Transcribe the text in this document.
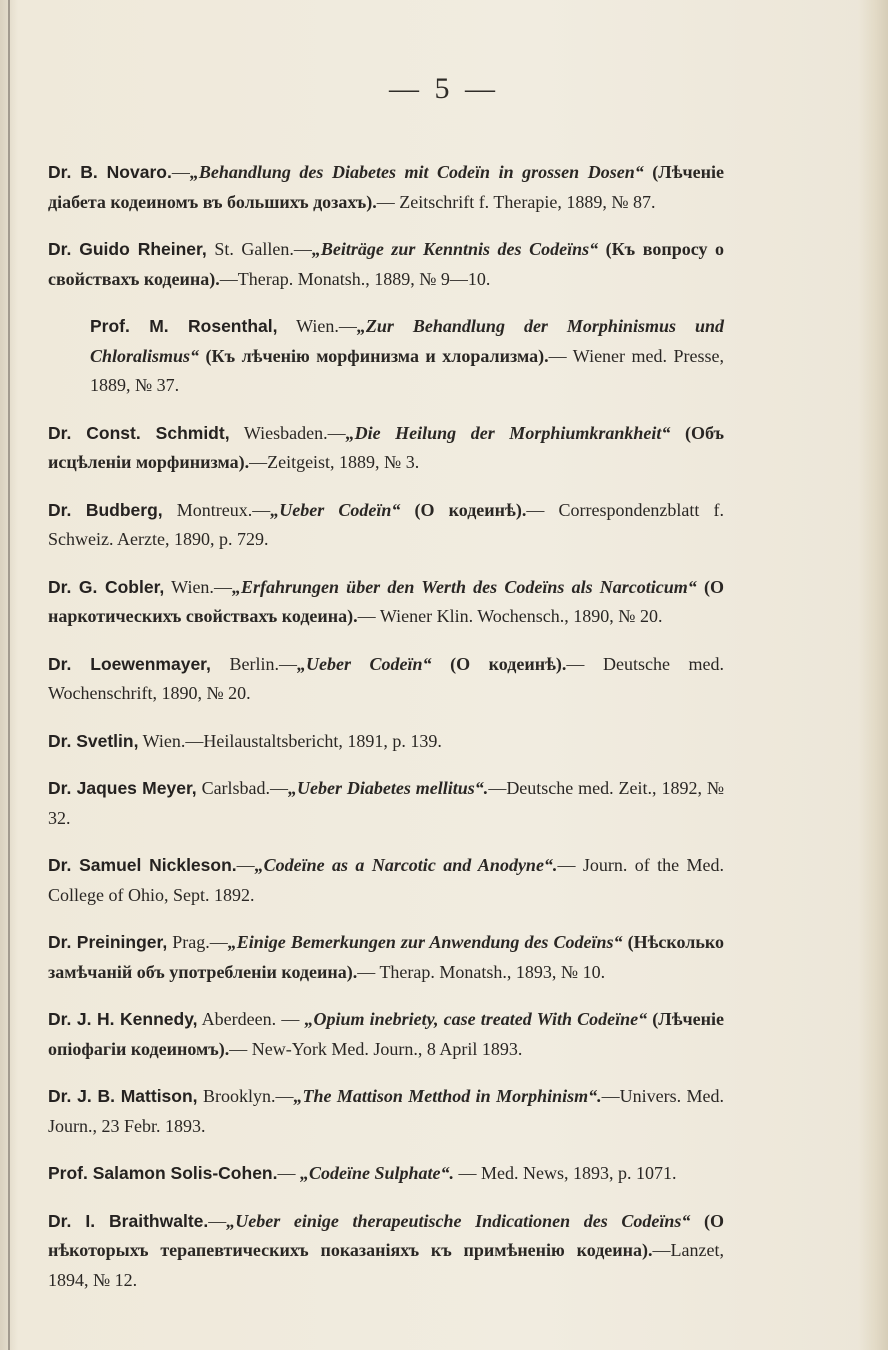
— 5 —

Dr. B. Novaro.—„Behandlung des Diabetes mit Codeïn in grossen Dosen“ (Лѣченіе діабета кодеиномъ въ большихъ дозахъ).— Zeitschrift f. Therapie, 1889, № 87.

Dr. Guido Rheiner, St. Gallen.—„Beiträge zur Kenntnis des Codeïns“ (Къ вопросу о свойствахъ кодеина).—Therap. Monatsh., 1889, № 9—10.

Prof. M. Rosenthal, Wien.—„Zur Behandlung der Morphinismus und Chloralismus“ (Къ лѣченію морфинизма и хлорализма).— Wiener med. Presse, 1889, № 37.

Dr. Const. Schmidt, Wiesbaden.—„Die Heilung der Morphiumkrankheit“ (Объ исцѣленіи морфинизма).—Zeitgeist, 1889, № 3.

Dr. Budberg, Montreux.—„Ueber Codeïn“ (О кодеинѣ).— Correspondenzblatt f. Schweiz. Aerzte, 1890, p. 729.

Dr. G. Cobler, Wien.—„Erfahrungen über den Werth des Codeïns als Narcoticum“ (О наркотическихъ свойствахъ кодеина).— Wiener Klin. Wochensch., 1890, № 20.

Dr. Loewenmayer, Berlin.—„Ueber Codeïn“ (О кодеинѣ).— Deutsche med. Wochenschrift, 1890, № 20.

Dr. Svetlin, Wien.—Heilaustaltsbericht, 1891, p. 139.

Dr. Jaques Meyer, Carlsbad.—„Ueber Diabetes mellitus“.—Deutsche med. Zeit., 1892, № 32.

Dr. Samuel Nickleson.—„Codeïne as a Narcotic and Anodyne“.— Journ. of the Med. College of Ohio, Sept. 1892.

Dr. Preininger, Prag.—„Einige Bemerkungen zur Anwendung des Codeïns“ (Нѣсколько замѣчаній объ употребленіи кодеина).— Therap. Monatsh., 1893, № 10.

Dr. J. H. Kennedy, Aberdeen. — „Opium inebriety, case treated With Codeïne“ (Лѣченіе опіофагіи кодеиномъ).— New-York Med. Journ., 8 April 1893.

Dr. J. B. Mattison, Brooklyn.—„The Mattison Metthod in Morphinism“.—Univers. Med. Journ., 23 Febr. 1893.

Prof. Salamon Solis-Cohen.— „Codeïne Sulphate“. — Med. News, 1893, p. 1071.

Dr. I. Braithwalte.—„Ueber einige therapeutische Indicationen des Codeïns“ (О нѣкоторыхъ терапевтическихъ показаніяхъ къ примѣненію кодеина).—Lanzet, 1894, № 12.
